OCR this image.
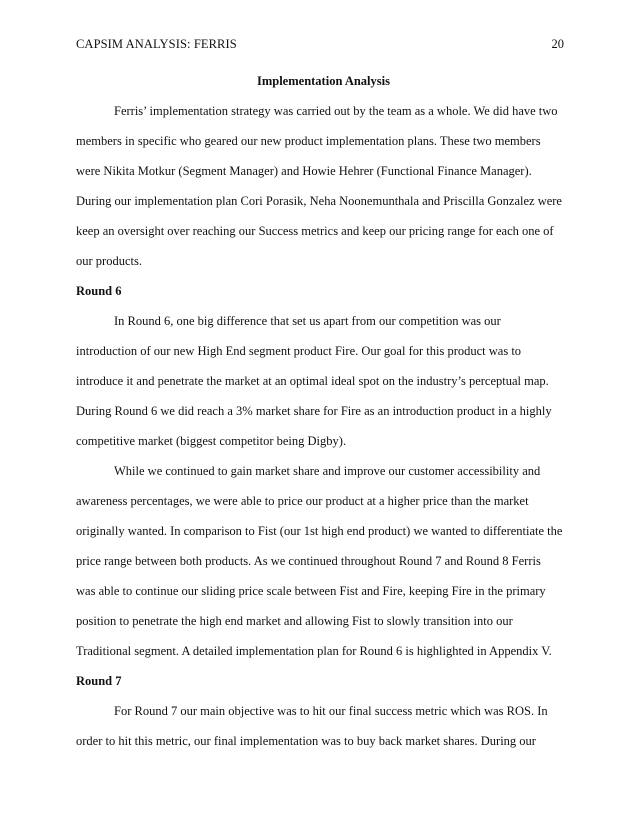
CAPSIM ANALYSIS: FERRIS	20
Implementation Analysis
Ferris’ implementation strategy was carried out by the team as a whole. We did have two
members in specific who geared our new product implementation plans. These two members
were Nikita Motkur (Segment Manager) and Howie Hehrer (Functional Finance Manager).
During our implementation plan Cori Porasik, Neha Noonemunthala and Priscilla Gonzalez were
keep an oversight over reaching our Success metrics and keep our pricing range for each one of
our products.
Round 6
In Round 6, one big difference that set us apart from our competition was our
introduction of our new High End segment product Fire. Our goal for this product was to
introduce it and penetrate the market at an optimal ideal spot on the industry’s perceptual map.
During Round 6 we did reach a 3% market share for Fire as an introduction product in a highly
competitive market (biggest competitor being Digby).
While we continued to gain market share and improve our customer accessibility and
awareness percentages, we were able to price our product at a higher price than the market
originally wanted. In comparison to Fist (our 1st high end product) we wanted to differentiate the
price range between both products. As we continued throughout Round 7 and Round 8 Ferris
was able to continue our sliding price scale between Fist and Fire, keeping Fire in the primary
position to penetrate the high end market and allowing Fist to slowly transition into our
Traditional segment. A detailed implementation plan for Round 6 is highlighted in Appendix V.
Round 7
For Round 7 our main objective was to hit our final success metric which was ROS. In
order to hit this metric, our final implementation was to buy back market shares. During our
